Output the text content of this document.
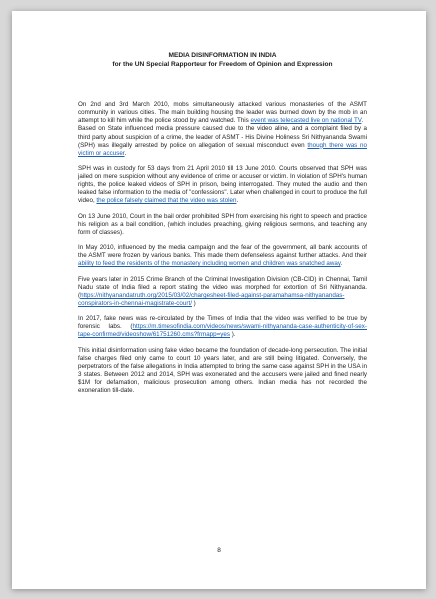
MEDIA DISINFORMATION IN INDIA
for the UN Special Rapporteur for Freedom of Opinion and Expression

On 2nd and 3rd March 2010, mobs simultaneously attacked various monasteries of the ASMT community in various cities. The main building housing the leader was burned down by the mob in an attempt to kill him while the police stood by and watched. This event was telecasted live on national TV.

Based on State influenced media pressure caused due to the video aline, and a complaint filed by a third party about suspicion of a crime, the leader of ASMT - His Divine Holiness Sri Nithyananda Swami (SPH) was illegally arrested by police on allegation of sexual misconduct even though there was no victim or accuser.

SPH was in custody for 53 days from 21 April 2010 till 13 June 2010. Courts observed that SPH was jailed on mere suspicion without any evidence of crime or accuser or victim. In violation of SPH's human rights, the police leaked videos of SPH in prison, being interrogated. They muted the audio and then leaked false information to the media of "confessions". Later when challenged in court to produce the full video, the police falsely claimed that the video was stolen.

On 13 June 2010, Court in the bail order prohibited SPH from exercising his right to speech and practice his religion as a bail condition, (which includes preaching, giving religious sermons, and teaching any form of classes).

In May 2010, influenced by the media campaign and the fear of the government, all bank accounts of the ASMT were frozen by various banks. This made them defenseless against further attacks. And their ability to feed the residents of the monastery including women and children was snatched away.

Five years later in 2015 Crime Branch of the Criminal Investigation Division (CB-CID) in Chennai, Tamil Nadu state of India filed a report stating the video was morphed for extortion of Sri Nithyananda. (https://nithyanandatruth.org/2015/03/02/chargesheet-filed-against-paramahamsa-nithyanandas-conspirators-in-chennai-magistrate-court/ )

In 2017, fake news was re-circulated by the Times of India that the video was verified to be true by forensic labs. (https://m.timesofindia.com/videos/news/swami-nithyananda-case-authenticity-of-sex-tape-confirmed/videoshow/61751260.cms?frmapp=yes ).

This initial disinformation using fake video became the foundation of decade-long persecution. The initial false charges filed only came to court 10 years later, and are still being litigated. Conversely, the perpetrators of the false allegations in India attempted to bring the same case against SPH in the USA in 3 states. Between 2012 and 2014, SPH was exonerated and the accusers were jailed and fined nearly $1M for defamation, malicious prosecution among others. Indian media has not recorded the exoneration till-date.

8
